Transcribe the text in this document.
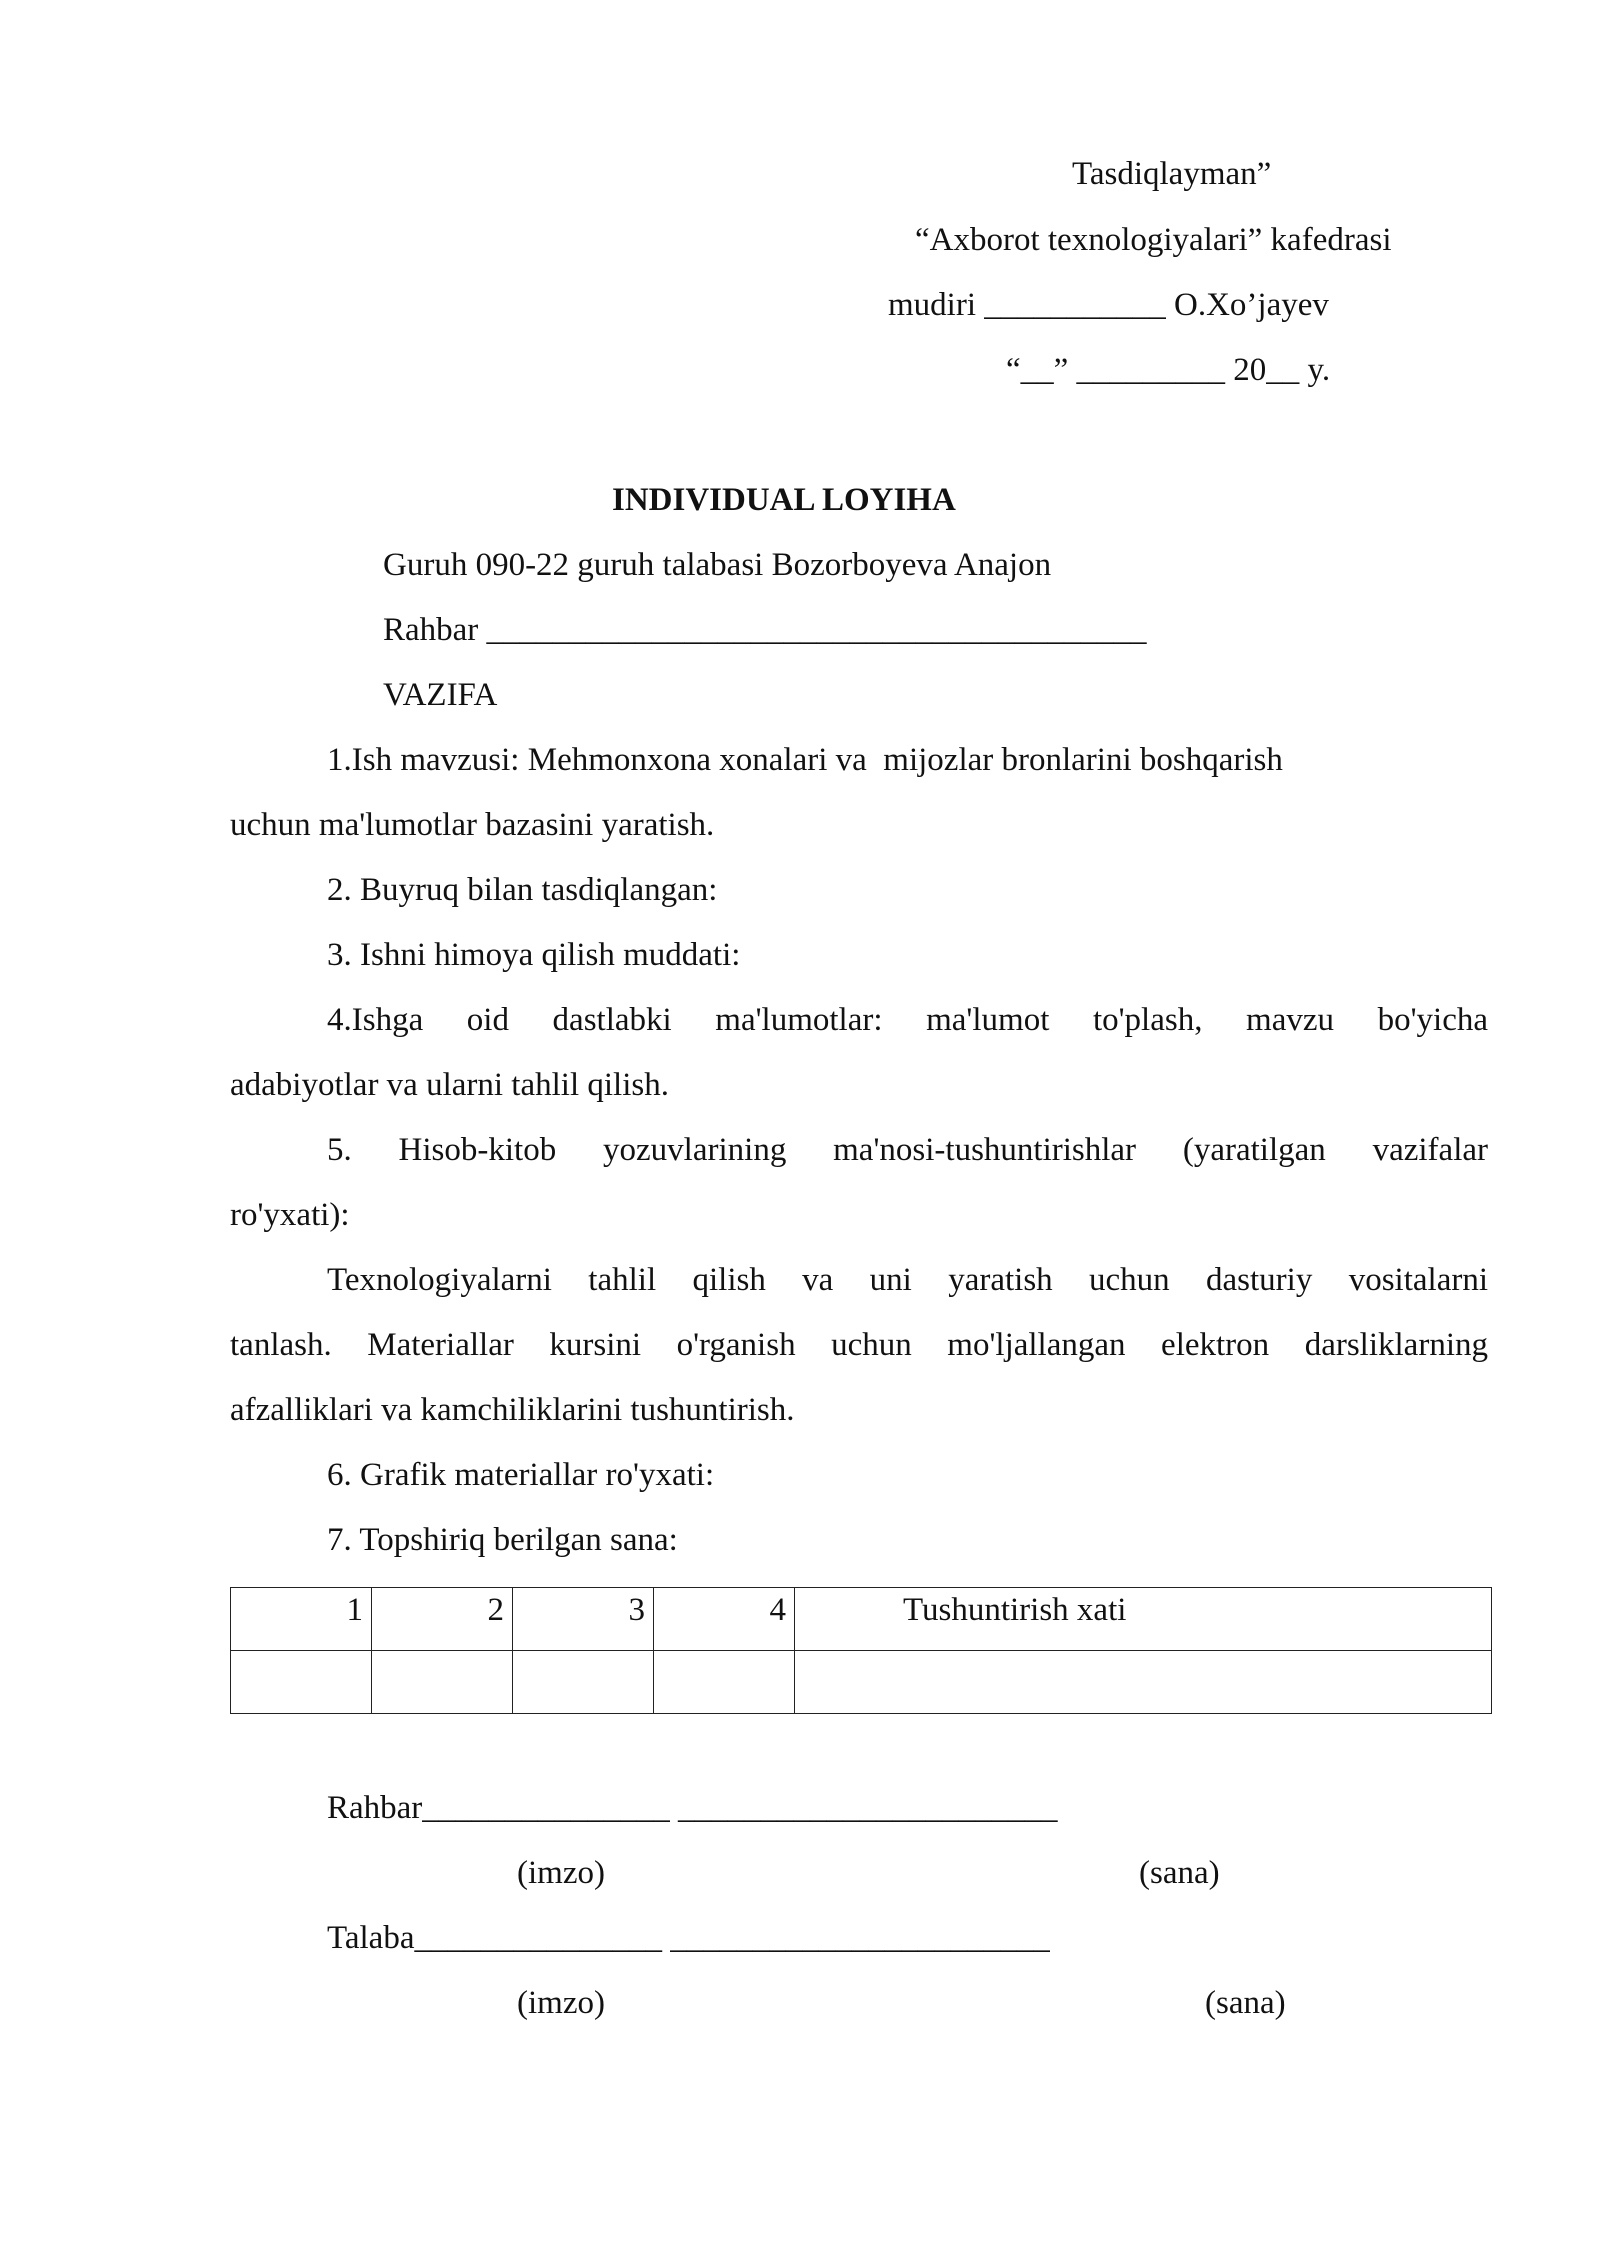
Tasdiqlayman”
“Axborot texnologiyalari” kafedrasi
mudiri ___________ O.Xo’jayev
“__” _________ 20__ y.
INDIVIDUAL LOYIHA
Guruh 090-22 guruh talabasi Bozorboyeva Anajon
Rahbar ________________________________________
VAZIFA
1.Ish mavzusi: Mehmonxona xonalari va  mijozlar bronlarini boshqarish
uchun ma'lumotlar bazasini yaratish.
2. Buyruq bilan tasdiqlangan:
3. Ishni himoya qilish muddati:
4.Ishga oid dastlabki ma'lumotlar: ma'lumot to'plash, mavzu bo'yicha
adabiyotlar va ularni tahlil qilish.
5. Hisob-kitob yozuvlarining ma'nosi-tushuntirishlar (yaratilgan vazifalar
ro'yxati):
Texnologiyalarni tahlil qilish va uni yaratish uchun dasturiy vositalarni
tanlash. Materiallar kursini o'rganish uchun mo'ljallangan elektron darsliklarning
afzalliklari va kamchiliklarini tushuntirish.
6. Grafik materiallar ro'yxati:
7. Topshiriq berilgan sana:
1	2	3	4	Tushuntirish xati

Rahbar_______________ _______________________
(imzo)	(sana)
Talaba_______________ _______________________
(imzo)	(sana)
